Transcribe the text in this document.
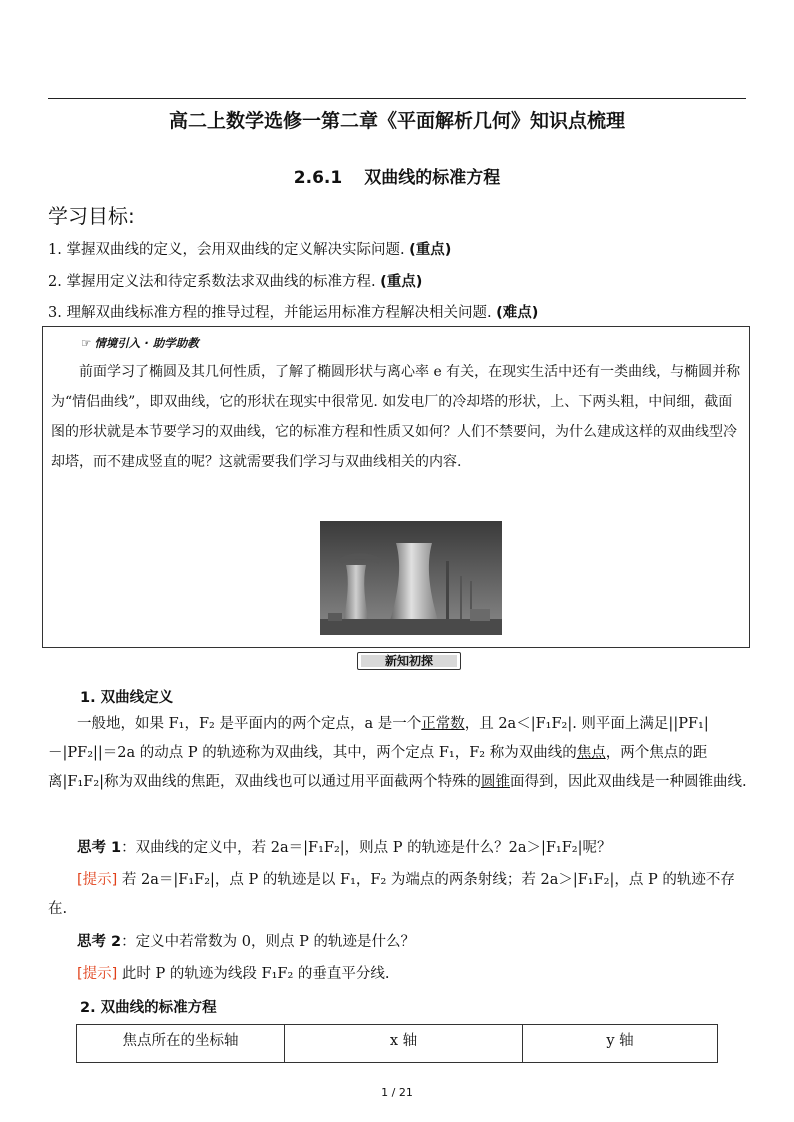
高二上数学选修一第二章《平面解析几何》知识点梳理
2.6.1 双曲线的标准方程
学习目标:
1. 掌握双曲线的定义，会用双曲线的定义解决实际问题. (重点)
2. 掌握用定义法和待定系数法求双曲线的标准方程. (重点)
3. 理解双曲线标准方程的推导过程，并能运用标准方程解决相关问题. (难点)
☞ 情境引入 · 助学助教
前面学习了椭圆及其几何性质，了解了椭圆形状与离心率 e 有关，在现实生活中还有一类曲线，与椭圆并称为“情侣曲线”，即双曲线，它的形状在现实中很常见. 如发电厂的冷却塔的形状，上、下两头粗，中间细，截面图的形状就是本节要学习的双曲线，它的标准方程和性质又如何？人们不禁要问，为什么建成这样的双曲线型冷却塔，而不建成竖直的呢？这就需要我们学习与双曲线相关的内容.
新知初探
1. 双曲线定义
一般地，如果 F₁，F₂ 是平面内的两个定点，a 是一个正常数，且 2a＜|F₁F₂|. 则平面上满足||PF₁|－|PF₂||＝2a 的动点 P 的轨迹称为双曲线，其中，两个定点 F₁，F₂ 称为双曲线的焦点，两个焦点的距离|F₁F₂|称为双曲线的焦距，双曲线也可以通过用平面截两个特殊的圆锥面得到，因此双曲线是一种圆锥曲线.
思考 1：双曲线的定义中，若 2a＝|F₁F₂|，则点 P 的轨迹是什么？2a＞|F₁F₂|呢？
[提示] 若 2a＝|F₁F₂|，点 P 的轨迹是以 F₁，F₂ 为端点的两条射线；若 2a＞|F₁F₂|，点 P 的轨迹不存在.
思考 2：定义中若常数为 0，则点 P 的轨迹是什么？
[提示] 此时 P 的轨迹为线段 F₁F₂ 的垂直平分线.
2. 双曲线的标准方程
焦点所在的坐标轴	x 轴	y 轴
1 / 21
